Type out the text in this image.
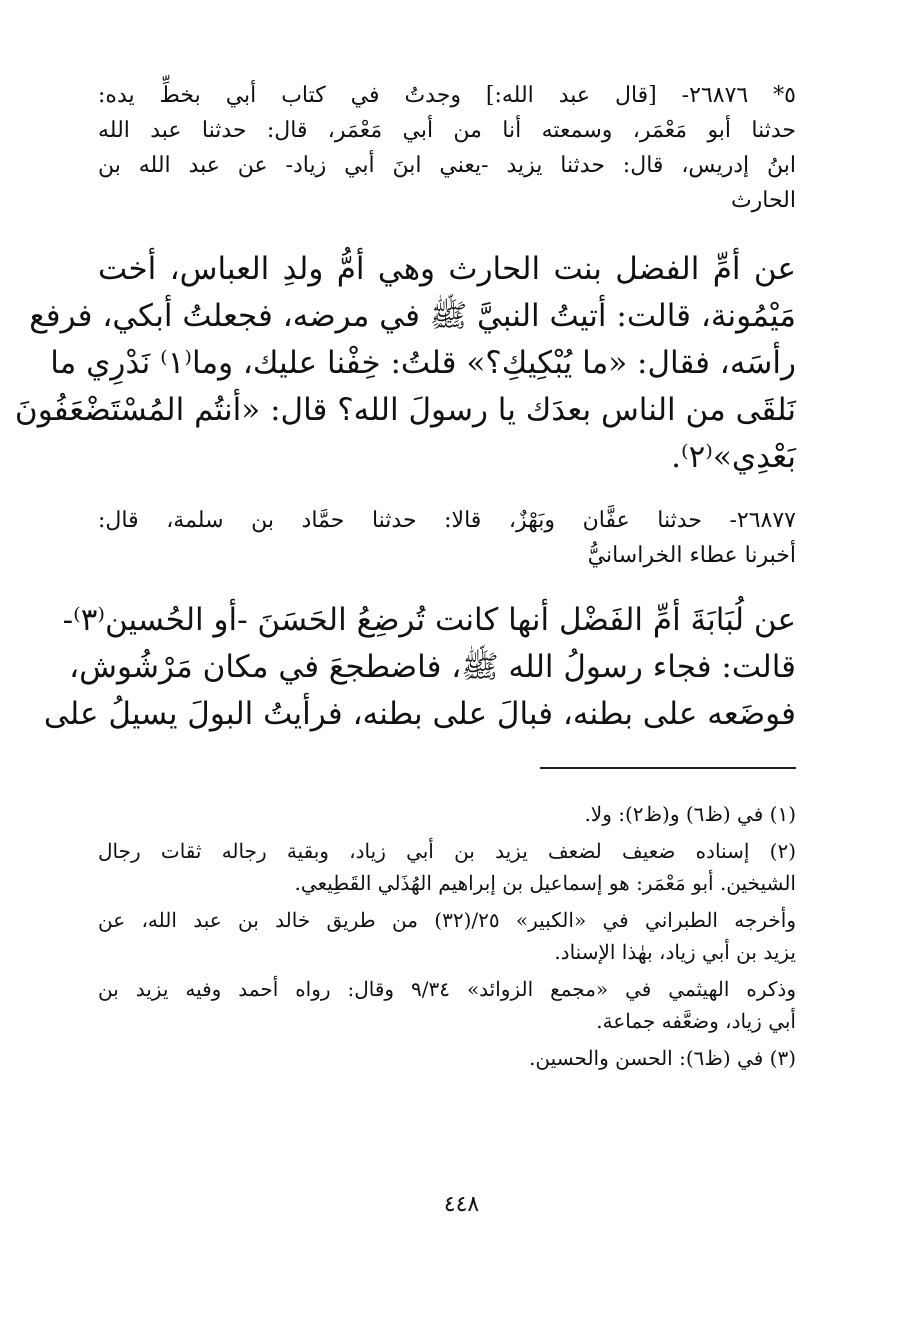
٥* ٢٦٨٧٦- [قال عبد الله:] وجدتُ في كتاب أبي بخطِّ يده:
حدثنا أبو مَعْمَر، وسمعته أنا من أبي مَعْمَر، قال: حدثنا عبد الله
ابنُ إدريس، قال: حدثنا يزيد -يعني ابنَ أبي زياد- عن عبد الله بن
الحارث
عن أمِّ الفضل بنت الحارث وهي أمُّ ولدِ العباس، أخت
مَيْمُونة، قالت: أتيتُ النبيَّ ﷺ في مرضه، فجعلتُ أبكي، فرفع
رأسَه، فقال: «ما يُبْكِيكِ؟» قلتُ: خِفْنا عليك، وما⁽١⁾ نَدْرِي ما
نَلقَى من الناس بعدَك يا رسولَ الله؟ قال: «أنتُم المُسْتَضْعَفُونَ
بَعْدِي»⁽٢⁾.
٢٦٨٧٧- حدثنا عفَّان وبَهْزٌ، قالا: حدثنا حمَّاد بن سلمة، قال:
أخبرنا عطاء الخراسانيُّ
عن لُبَابَةَ أمِّ الفَضْل أنها كانت تُرضِعُ الحَسَنَ -أو الحُسين⁽٣⁾-
قالت: فجاء رسولُ الله ﷺ، فاضطجعَ في مكان مَرْشُوش،
فوضَعه على بطنه، فبالَ على بطنه، فرأيتُ البولَ يسيلُ على
(١) في (ظ٦) و(ظ٢): ولا.
(٢) إسناده ضعيف لضعف يزيد بن أبي زياد، وبقية رجاله ثقات رجال
الشيخين. أبو مَعْمَر: هو إسماعيل بن إبراهيم الهُذَلي القَطِيعي.
وأخرجه الطبراني في «الكبير» ٢٥/(٣٢) من طريق خالد بن عبد الله، عن
يزيد بن أبي زياد، بهٰذا الإسناد.
وذكره الهيثمي في «مجمع الزوائد» ٩/٣٤ وقال: رواه أحمد وفيه يزيد بن
أبي زياد، وضعَّفه جماعة.
(٣) في (ظ٦): الحسن والحسين.
٤٤٨
